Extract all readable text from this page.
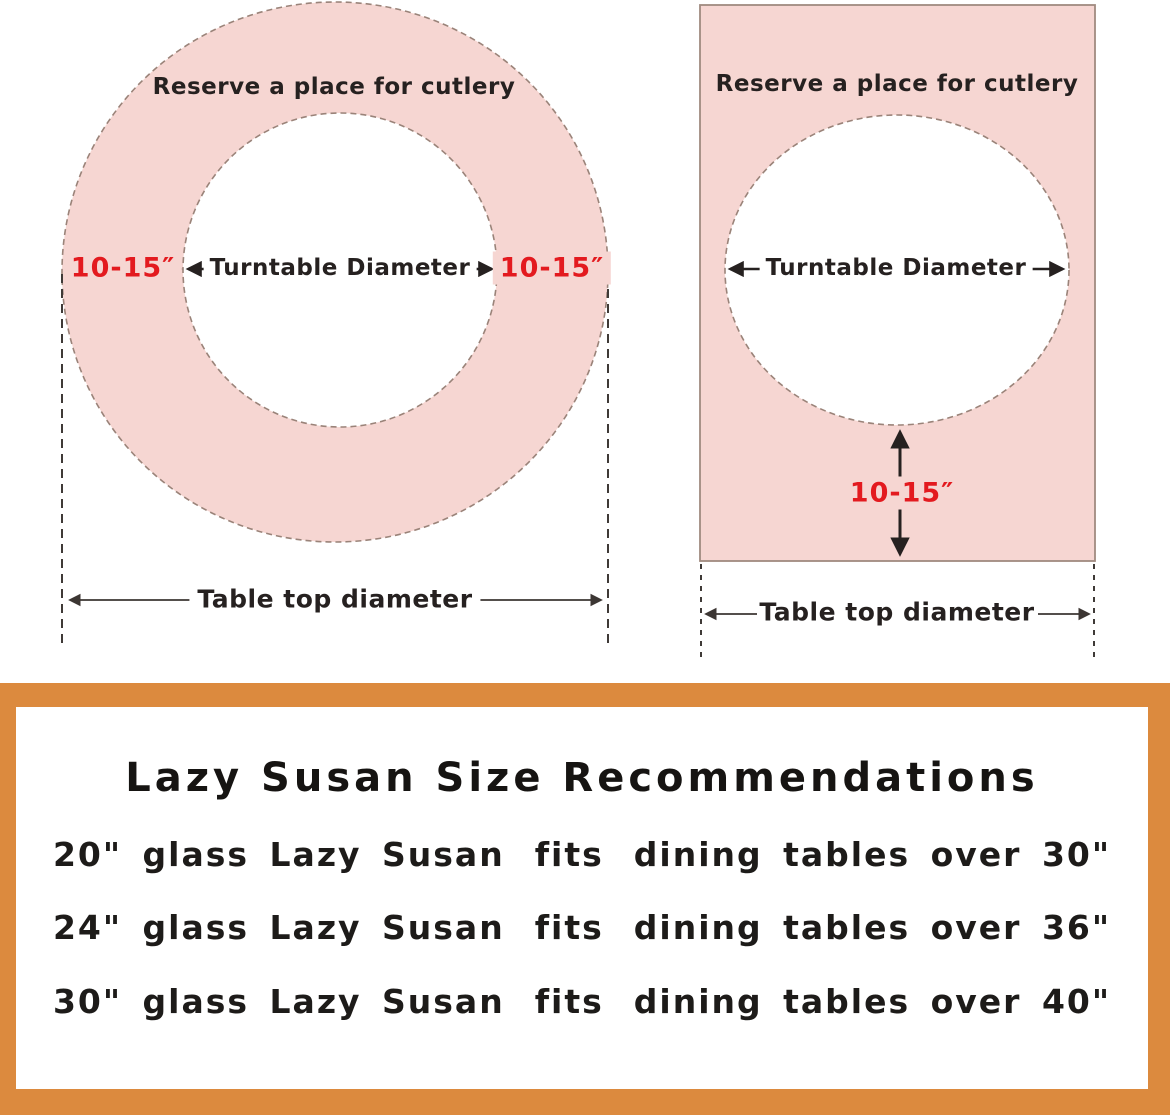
Reserve a place for cutlery
10-15″	Turntable Diameter 10-15″
Table top diameter
Reserve a place for cutlery
Turntable Diameter
10-15″
Table top diameter
Lazy Susan Size Recommendations
20" glass Lazy Susan fits dining tables over 30"
24" glass Lazy Susan fits dining tables over 36"
30" glass Lazy Susan fits dining tables over 40"
